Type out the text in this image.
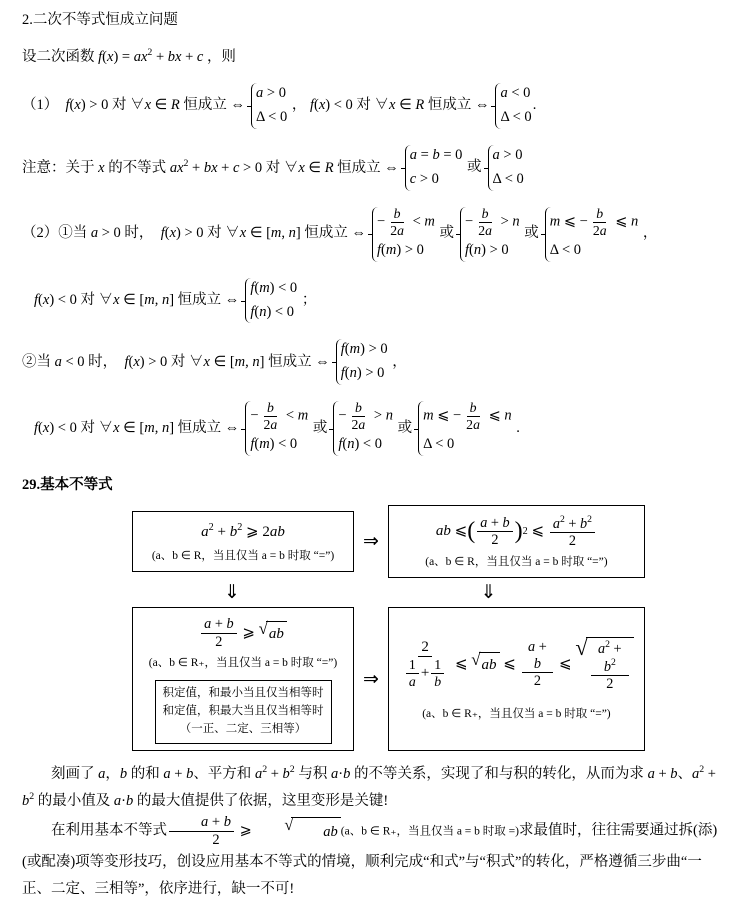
2.二次不等式恒成立问题
设二次函数 $f(x) = ax^2$ + bx + c ，则
（1）  f(x) > 0 对 ∀x ∈ R 恒成立 ⇔
a > 0
Δ < 0
， f(x) < 0 对 ∀x ∈ R 恒成立 ⇔
a < 0
Δ < 0
.
注意：关于 x 的不等式 $ax^2$ + bx + c > 0 对 ∀x ∈ R 恒成立 ⇔
a = b = 0
c > 0
或
a > 0
Δ < 0
（2）①当 a > 0 时，  f(x) > 0 对 ∀x ∈ [m, n] 恒成立 ⇔
− $\frac{b}{2a} < m$
f(m) > 0
或
− $\frac{b}{2a} > n$
f(n) > 0
或
m ⩽ − $\frac{b}{2a}$ ⩽ n
Δ < 0
，
f(x) < 0 对 ∀x ∈ [m, n] 恒成立 ⇔
f(m) < 0
f(n) < 0
；
②当 a < 0 时，  f(x) > 0 对 ∀x ∈ [m, n] 恒成立 ⇔
f(m) > 0
f(n) > 0
，
f(x) < 0 对 ∀x ∈ [m, n] 恒成立 ⇔
− $\frac{b}{2a} < m$
f(m) < 0
或
− $\frac{b}{2a} > n$
f(n) < 0
或
m ⩽ − $\frac{b}{2a}$ ⩽ n
Δ < 0
.
29.基本不等式
$a^2 + b^2$ ⩾ 2ab
(a、b ∈ R，当且仅当 a = b 时取 “=”)
⇒	ab ⩽ ( $\frac{a + b}{2}$ ) 2 ⩽ $\frac{a^2 + b^2}{2}$
(a、b ∈ R，当且仅当 a = b 时取 “=”)
⇓	⇓
$\frac{a + b}{2}$ ⩾ √ ab
(a、b ∈ R₊，当且仅当 a = b 时取 “=”)
积定值，和最小当且仅当相等时
和定值，积最大当且仅当相等时
（一正、二定、三相等）
⇒	$\frac{2}{\frac{1}{a} + \frac{1}{b}}$ ⩽ √ ab ⩽ $\frac{a + b}{2}$ ⩽
√ $\frac{a^2 + b^2}{2}$
(a、b ∈ R₊，当且仅当 a = b 时取 “=”)

刻画了 a，b 的和 a + b、平方和 $a^2 + b^2$ 与积 a·b 的不等关系，实现了和与积的转化，从而为求 a + b、$a^2 + b^2$ 的最小值及 a·b 的最大值提供了依据，这里变形是关键!

在利用基本不等式 $\frac{a + b}{2}$ ⩾	√	ab (a、b ∈ R₊，当且仅当 a = b 时取 =)求最值时，往往需要通过拆(添)(或配凑)项等变形技巧，创设应用基本不等式的情境，顺利完成“和式”与“积式”的转化，严格遵循三步曲“一正、二定、三相等”，依序进行，缺一不可!
